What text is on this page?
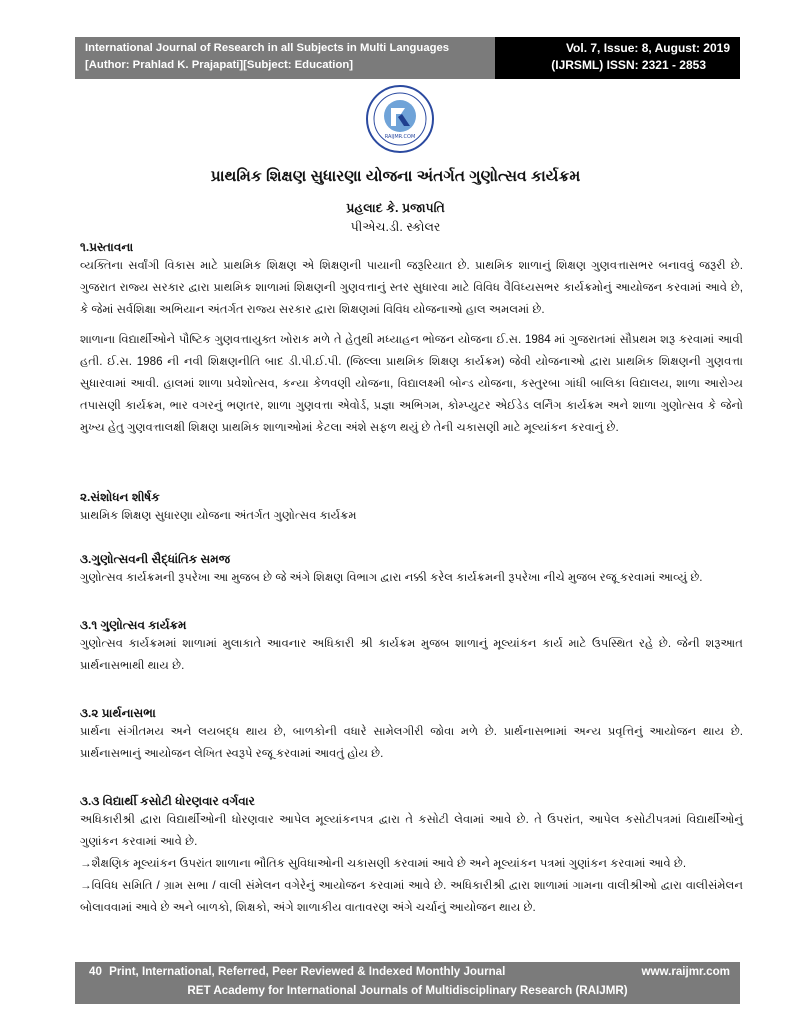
International Journal of Research in all Subjects in Multi Languages
[Author: Prahlad K. Prajapati][Subject: Education]
Vol. 7, Issue: 8, August: 2019
(IJRSML) ISSN: 2321 - 2853
RAIJMR.COM
પ્રાથમિક શિક્ષણ સુધારણા યોજના અંતર્ગત ગુણોત્સવ કાર્યક્રમ
પ્રહલાદ કે. પ્રજાપતિ
પીએચ.ડી. સ્કોલર
૧.પ્રસ્તાવના

વ્યક્તિના સર્વાંગી વિકાસ માટે પ્રાથમિક શિક્ષણ એ શિક્ષણની પાયાની જરૂરિયાત છે. પ્રાથમિક શાળાનું શિક્ષણ ગુણવત્તાસભર બનાવવું જરૂરી છે. ગુજરાત રાજ્ય સરકાર દ્વારા પ્રાથમિક શાળામાં શિક્ષણની ગુણવત્તાનું સ્તર સુધારવા માટે વિવિધ વૈવિધ્યસભર કાર્યક્રમોનું આયોજન કરવામાં આવે છે, કે જેમાં સર્વશિક્ષા અભિયાન અંતર્ગત રાજ્ય સરકાર દ્વારા શિક્ષણમાં વિવિધ યોજનાઓ હાલ અમલમાં છે.

શાળાના વિદ્યાર્થીઓને પૌષ્ટિક ગુણવત્તાયુક્ત ખોરાક મળે તે હેતુથી મધ્યાહન ભોજન યોજના ઈ.સ. 1984 માં ગુજરાતમાં સૌપ્રથમ શરૂ કરવામાં આવી હતી. ઈ.સ. 1986 ની નવી શિક્ષણનીતિ બાદ ડી.પી.ઈ.પી. (જિલ્લા પ્રાથમિક શિક્ષણ કાર્યક્રમ) જેવી યોજનાઓ દ્વારા પ્રાથમિક શિક્ષણની ગુણવત્તા સુધારવામાં આવી. હાલમાં શાળા પ્રવેશોત્સવ, કન્યા કેળવણી યોજના, વિદ્યાલક્ષ્મી બોન્ડ યોજના, કસ્તુરબા ગાંધી બાલિકા વિદ્યાલય, શાળા આરોગ્ય તપાસણી કાર્યક્રમ, ભાર વગરનું ભણતર, શાળા ગુણવત્તા એવોર્ડ, પ્રજ્ઞા અભિગમ, કોમ્પ્યુટર એઈડેડ લર્નિંગ કાર્યક્રમ અને શાળા ગુણોત્સવ કે જેનો મુખ્ય હેતુ ગુણવત્તાલક્ષી શિક્ષણ પ્રાથમિક શાળાઓમાં કેટલા અંશે સફળ થયું છે તેની ચકાસણી માટે મૂલ્યાંકન કરવાનું છે.

૨.સંશોધન શીર્ષક

પ્રાથમિક શિક્ષણ સુધારણા યોજના અંતર્ગત ગુણોત્સવ કાર્યક્રમ

૩.ગુણોત્સવની સૈદ્ધાંતિક સમજ

ગુણોત્સવ કાર્યક્રમની રૂપરેખા આ મુજબ છે જે અંગે શિક્ષણ વિભાગ દ્વારા નક્કી કરેલ કાર્યક્રમની રૂપરેખા નીચે મુજબ રજૂ કરવામાં આવ્યું છે.

૩.૧ ગુણોત્સવ કાર્યક્રમ

ગુણોત્સવ કાર્યક્રમમાં શાળામાં મુલાકાતે આવનાર અધિકારી શ્રી કાર્યક્રમ મુજબ શાળાનું મૂલ્યાંકન કાર્ય માટે ઉપસ્થિત રહે છે. જેની શરૂઆત પ્રાર્થનાસભાથી થાય છે.

૩.૨ પ્રાર્થનાસભા

પ્રાર્થના સંગીતમય અને લયબદ્ધ થાય છે, બાળકોની વધારે સામેલગીરી જોવા મળે છે. પ્રાર્થનાસભામાં અન્ય પ્રવૃત્તિનું આયોજન થાય છે. પ્રાર્થનાસભાનું આયોજન લેખિત સ્વરૂપે રજૂ કરવામાં આવતું હોય છે.

૩.૩ વિદ્યાર્થી કસોટી ધોરણવાર વર્ગવાર

અધિકારીશ્રી દ્વારા વિદ્યાર્થીઓની ધોરણવાર આપેલ મૂલ્યાંકનપત્ર દ્વારા તે કસોટી લેવામાં આવે છે. તે ઉપરાંત, આપેલ કસોટીપત્રમાં વિદ્યાર્થીઓનું ગુણાંકન કરવામાં આવે છે.

→શૈક્ષણિક મૂલ્યાંકન ઉપરાંત શાળાના ભૌતિક સુવિધાઓની ચકાસણી કરવામાં આવે છે અને મૂલ્યાંકન પત્રમાં ગુણાંકન કરવામાં આવે છે.

→વિવિધ સમિતિ / ગ્રામ સભા / વાલી સંમેલન વગેરેનું આયોજન કરવામાં આવે છે. અધિકારીશ્રી દ્વારા શાળામાં ગામના વાલીશ્રીઓ દ્વારા વાલીસંમેલન બોલાવવામાં આવે છે અને બાળકો, શિક્ષકો, અંગે શાળાકીય વાતાવરણ અંગે ચર્ચાનું આયોજન થાય છે.

40 Print, International, Referred, Peer Reviewed & Indexed Monthly Journal	www.raijmr.com
RET Academy for International Journals of Multidisciplinary Research (RAIJMR)
